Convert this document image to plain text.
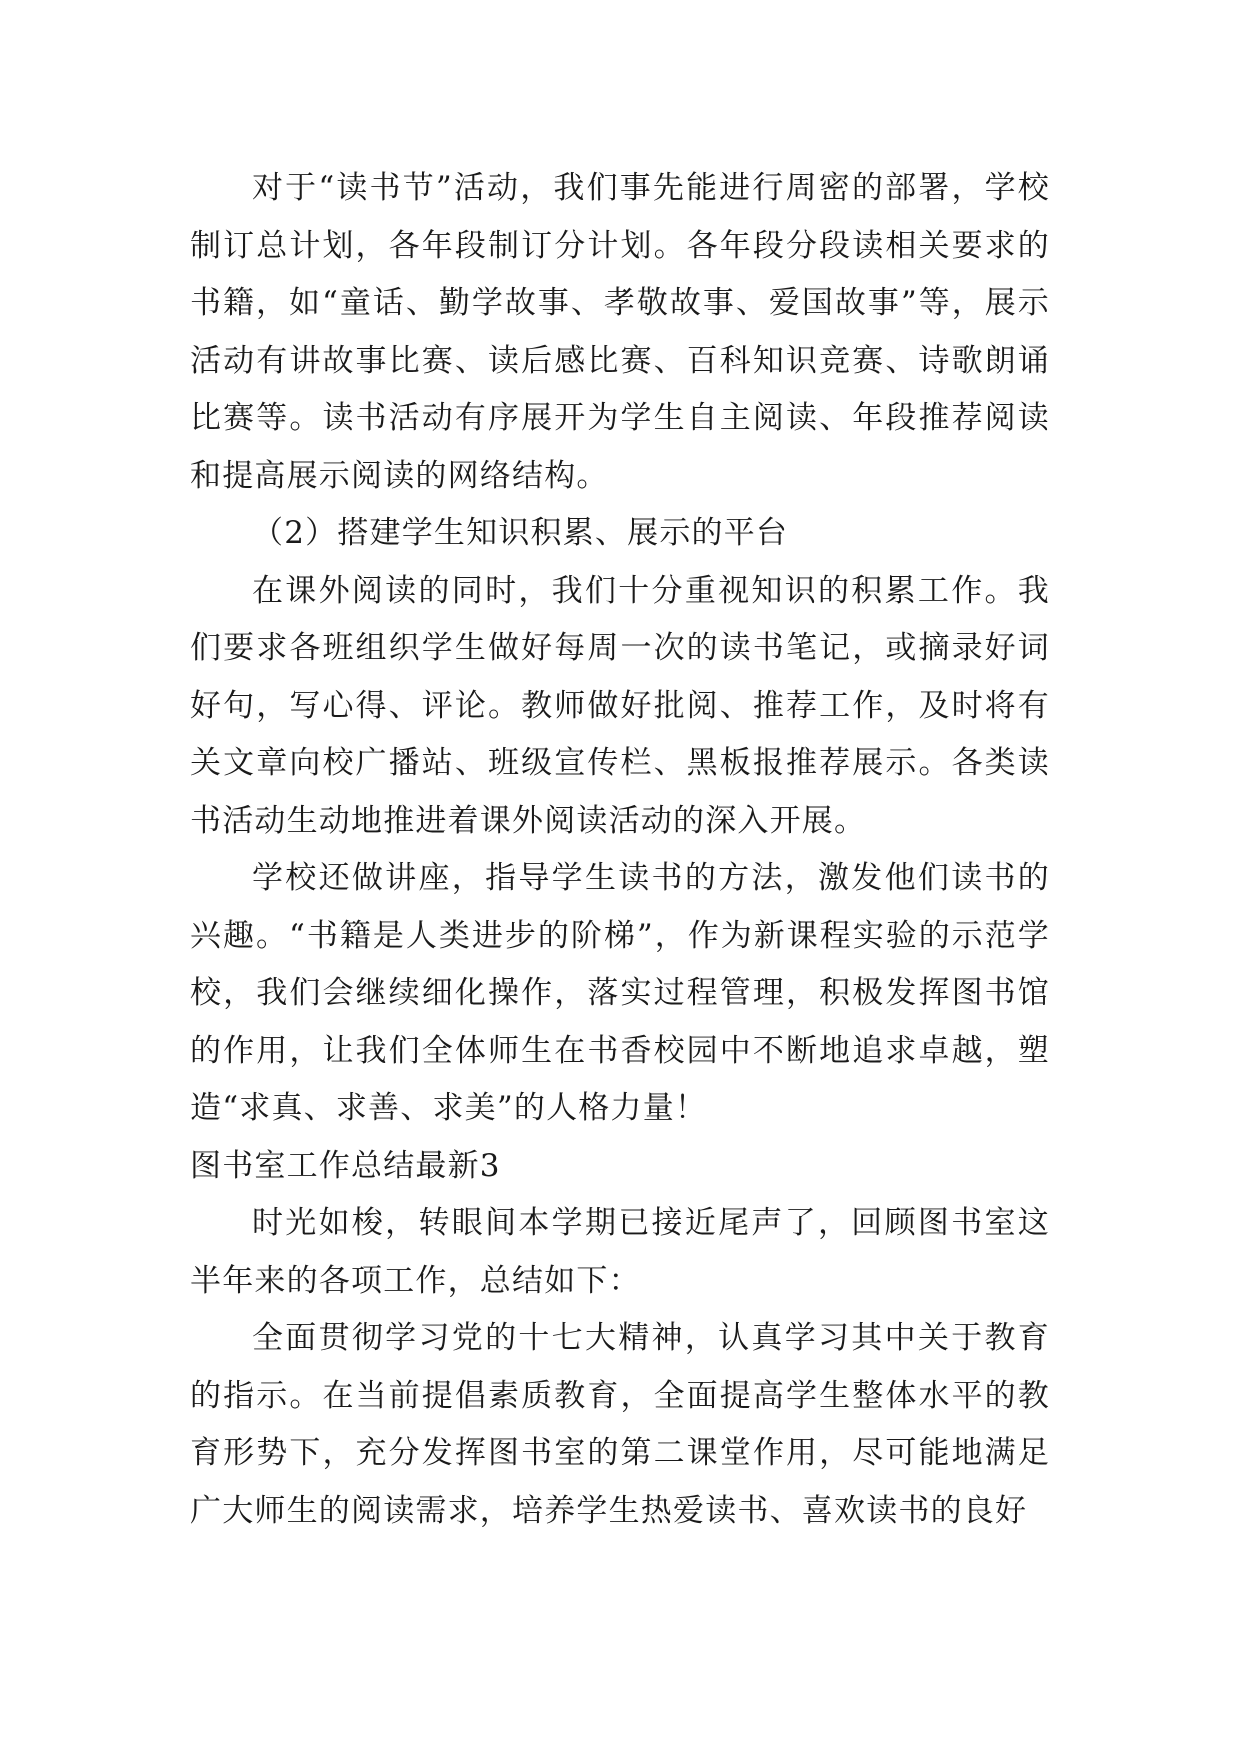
对于“读书节”活动，我们事先能进行周密的部署，学校制订总计划，各年段制订分计划。各年段分段读相关要求的书籍，如“童话、勤学故事、孝敬故事、爱国故事”等，展示活动有讲故事比赛、读后感比赛、百科知识竞赛、诗歌朗诵比赛等。读书活动有序展开为学生自主阅读、年段推荐阅读和提高展示阅读的网络结构。

（2）搭建学生知识积累、展示的平台

在课外阅读的同时，我们十分重视知识的积累工作。我们要求各班组织学生做好每周一次的读书笔记，或摘录好词好句，写心得、评论。教师做好批阅、推荐工作，及时将有关文章向校广播站、班级宣传栏、黑板报推荐展示。各类读书活动生动地推进着课外阅读活动的深入开展。

学校还做讲座，指导学生读书的方法，激发他们读书的兴趣。“书籍是人类进步的阶梯”，作为新课程实验的示范学校，我们会继续细化操作，落实过程管理，积极发挥图书馆的作用，让我们全体师生在书香校园中不断地追求卓越，塑造“求真、求善、求美”的人格力量！

图书室工作总结最新3

时光如梭，转眼间本学期已接近尾声了，回顾图书室这半年来的各项工作，总结如下：

全面贯彻学习党的十七大精神，认真学习其中关于教育的指示。在当前提倡素质教育，全面提高学生整体水平的教育形势下，充分发挥图书室的第二课堂作用，尽可能地满足广大师生的阅读需求，培养学生热爱读书、喜欢读书的良好
